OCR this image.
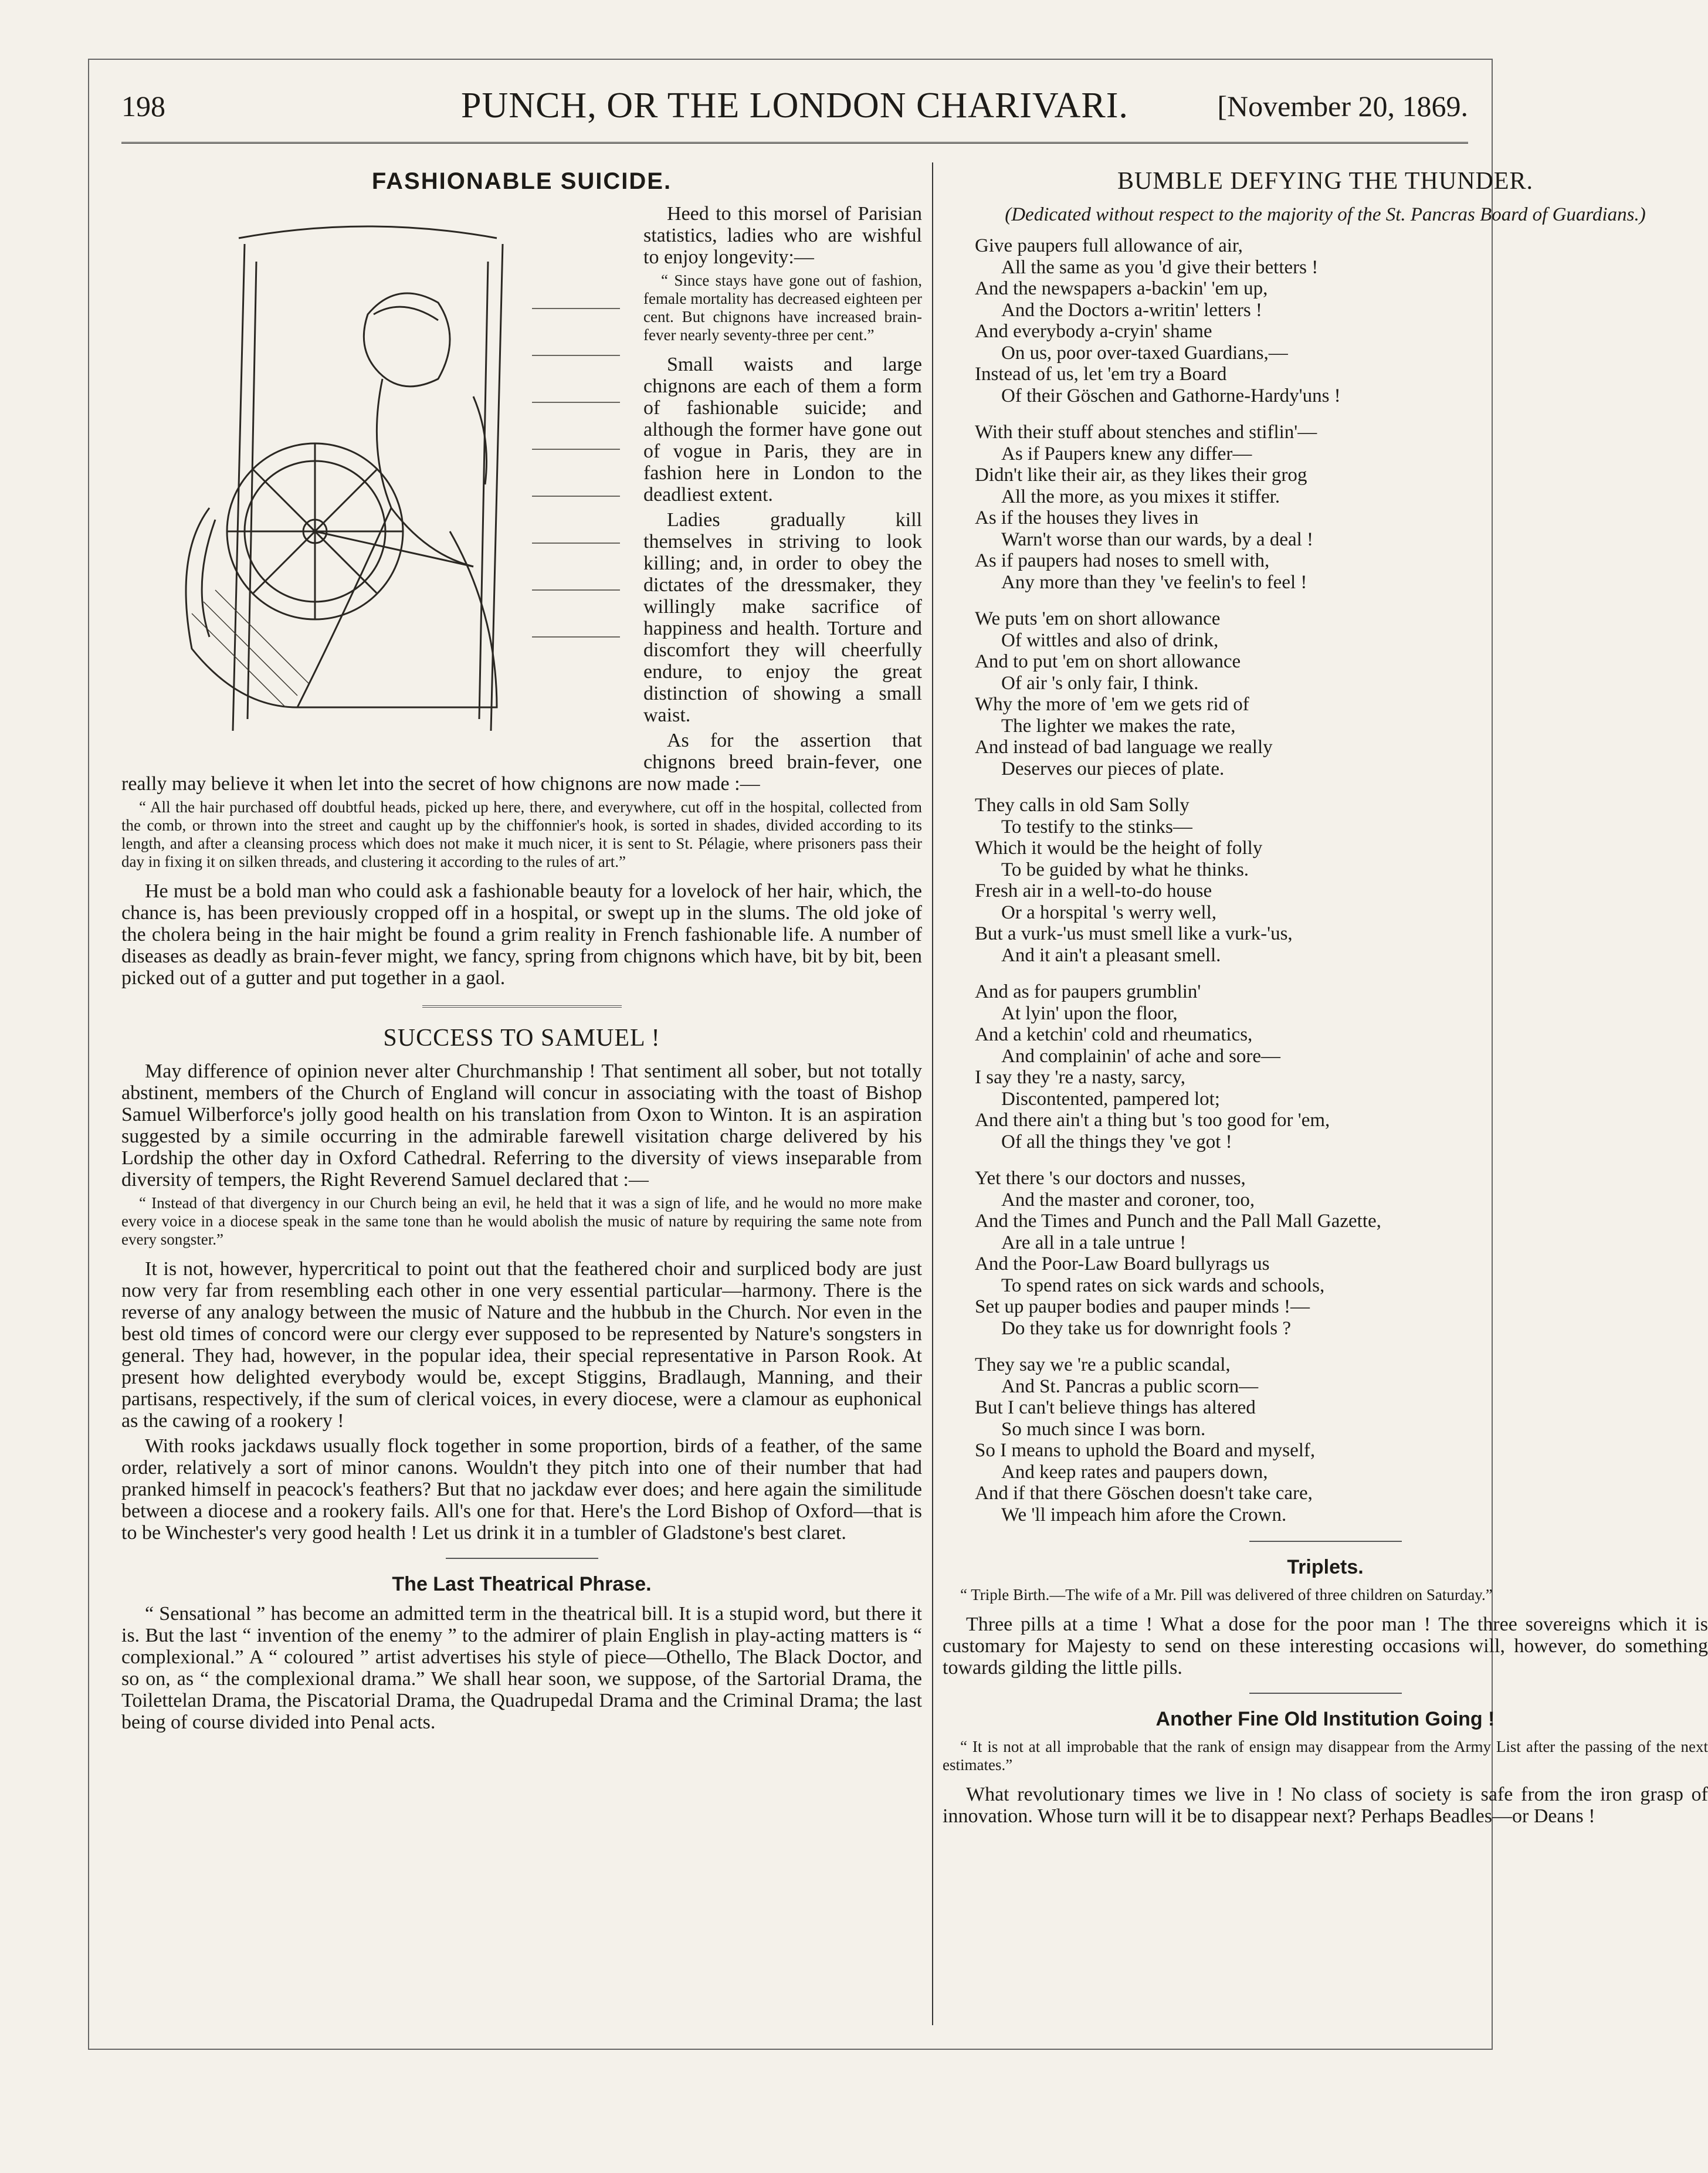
198	PUNCH, OR THE LONDON CHARIVARI.	[November 20, 1869.
FASHIONABLE SUICIDE.

Heed to this morsel of Parisian statistics, ladies who are wishful to enjoy longevity:—

“ Since stays have gone out of fashion, female mortality has decreased eighteen per cent. But chignons have increased brain-fever nearly seventy-three per cent.”

Small waists and large chignons are each of them a form of fashionable suicide; and although the former have gone out of vogue in Paris, they are in fashion here in London to the deadliest extent.

Ladies gradually kill themselves in striving to look killing; and, in order to obey the dictates of the dressmaker, they willingly make sacrifice of happiness and health. Torture and discomfort they will cheerfully endure, to enjoy the great distinction of showing a small waist.

As for the assertion that chignons breed brain-fever, one really may believe it when let into the secret of how chignons are now made :—

“ All the hair purchased off doubtful heads, picked up here, there, and everywhere, cut off in the hospital, collected from the comb, or thrown into the street and caught up by the chiffonnier's hook, is sorted in shades, divided according to its length, and after a cleansing process which does not make it much nicer, it is sent to St. Pélagie, where prisoners pass their day in fixing it on silken threads, and clustering it according to the rules of art.”

He must be a bold man who could ask a fashionable beauty for a lovelock of her hair, which, the chance is, has been previously cropped off in a hospital, or swept up in the slums. The old joke of the cholera being in the hair might be found a grim reality in French fashionable life. A number of diseases as deadly as brain-fever might, we fancy, spring from chignons which have, bit by bit, been picked out of a gutter and put together in a gaol.

SUCCESS TO SAMUEL !

May difference of opinion never alter Churchmanship ! That sentiment all sober, but not totally abstinent, members of the Church of England will concur in associating with the toast of Bishop Samuel Wilberforce's jolly good health on his translation from Oxon to Winton. It is an aspiration suggested by a simile occurring in the admirable farewell visitation charge delivered by his Lordship the other day in Oxford Cathedral. Referring to the diversity of views inseparable from diversity of tempers, the Right Reverend Samuel declared that :—

“ Instead of that divergency in our Church being an evil, he held that it was a sign of life, and he would no more make every voice in a diocese speak in the same tone than he would abolish the music of nature by requiring the same note from every songster.”

It is not, however, hypercritical to point out that the feathered choir and surpliced body are just now very far from resembling each other in one very essential particular—harmony. There is the reverse of any analogy between the music of Nature and the hubbub in the Church. Nor even in the best old times of concord were our clergy ever supposed to be represented by Nature's songsters in general. They had, however, in the popular idea, their special representative in Parson Rook. At present how delighted everybody would be, except Stiggins, Bradlaugh, Manning, and their partisans, respectively, if the sum of clerical voices, in every diocese, were a clamour as euphonical as the cawing of a rookery !

With rooks jackdaws usually flock together in some proportion, birds of a feather, of the same order, relatively a sort of minor canons. Wouldn't they pitch into one of their number that had pranked himself in peacock's feathers? But that no jackdaw ever does; and here again the similitude between a diocese and a rookery fails. All's one for that. Here's the Lord Bishop of Oxford—that is to be Winchester's very good health ! Let us drink it in a tumbler of Gladstone's best claret.

The Last Theatrical Phrase.

“ Sensational ” has become an admitted term in the theatrical bill. It is a stupid word, but there it is. But the last “ invention of the enemy ” to the admirer of plain English in play-acting matters is “ complexional.” A “ coloured ” artist advertises his style of piece—Othello, The Black Doctor, and so on, as “ the complexional drama.” We shall hear soon, we suppose, of the Sartorial Drama, the Toilettelan Drama, the Piscatorial Drama, the Quadrupedal Drama and the Criminal Drama; the last being of course divided into Penal acts.

BUMBLE DEFYING THE THUNDER.
(Dedicated without respect to the majority of the St. Pancras Board of Guardians.)
Give paupers full allowance of air,
All the same as you 'd give their betters !
And the newspapers a-backin' 'em up,
And the Doctors a-writin' letters !
And everybody a-cryin' shame
On us, poor over-taxed Guardians,—
Instead of us, let 'em try a Board
Of their Göschen and Gathorne-Hardy'uns !
With their stuff about stenches and stiflin'—
As if Paupers knew any differ—
Didn't like their air, as they likes their grog
All the more, as you mixes it stiffer.
As if the houses they lives in
Warn't worse than our wards, by a deal !
As if paupers had noses to smell with,
Any more than they 've feelin's to feel !
We puts 'em on short allowance
Of wittles and also of drink,
And to put 'em on short allowance
Of air 's only fair, I think.
Why the more of 'em we gets rid of
The lighter we makes the rate,
And instead of bad language we really
Deserves our pieces of plate.
They calls in old Sam Solly
To testify to the stinks—
Which it would be the height of folly
To be guided by what he thinks.
Fresh air in a well-to-do house
Or a horspital 's werry well,
But a vurk-'us must smell like a vurk-'us,
And it ain't a pleasant smell.
And as for paupers grumblin'
At lyin' upon the floor,
And a ketchin' cold and rheumatics,
And complainin' of ache and sore—
I say they 're a nasty, sarcy,
Discontented, pampered lot;
And there ain't a thing but 's too good for 'em,
Of all the things they 've got !
Yet there 's our doctors and nusses,
And the master and coroner, too,
And the Times and Punch and the Pall Mall Gazette,
Are all in a tale untrue !
And the Poor-Law Board bullyrags us
To spend rates on sick wards and schools,
Set up pauper bodies and pauper minds !—
Do they take us for downright fools ?
They say we 're a public scandal,
And St. Pancras a public scorn—
But I can't believe things has altered
So much since I was born.
So I means to uphold the Board and myself,
And keep rates and paupers down,
And if that there Göschen doesn't take care,
We 'll impeach him afore the Crown.
Triplets.

“ Triple Birth.—The wife of a Mr. Pill was delivered of three children on Saturday.”

Three pills at a time ! What a dose for the poor man ! The three sovereigns which it is customary for Majesty to send on these interesting occasions will, however, do something towards gilding the little pills.

Another Fine Old Institution Going !

“ It is not at all improbable that the rank of ensign may disappear from the Army List after the passing of the next estimates.”

What revolutionary times we live in ! No class of society is safe from the iron grasp of innovation. Whose turn will it be to disappear next? Perhaps Beadles—or Deans !
